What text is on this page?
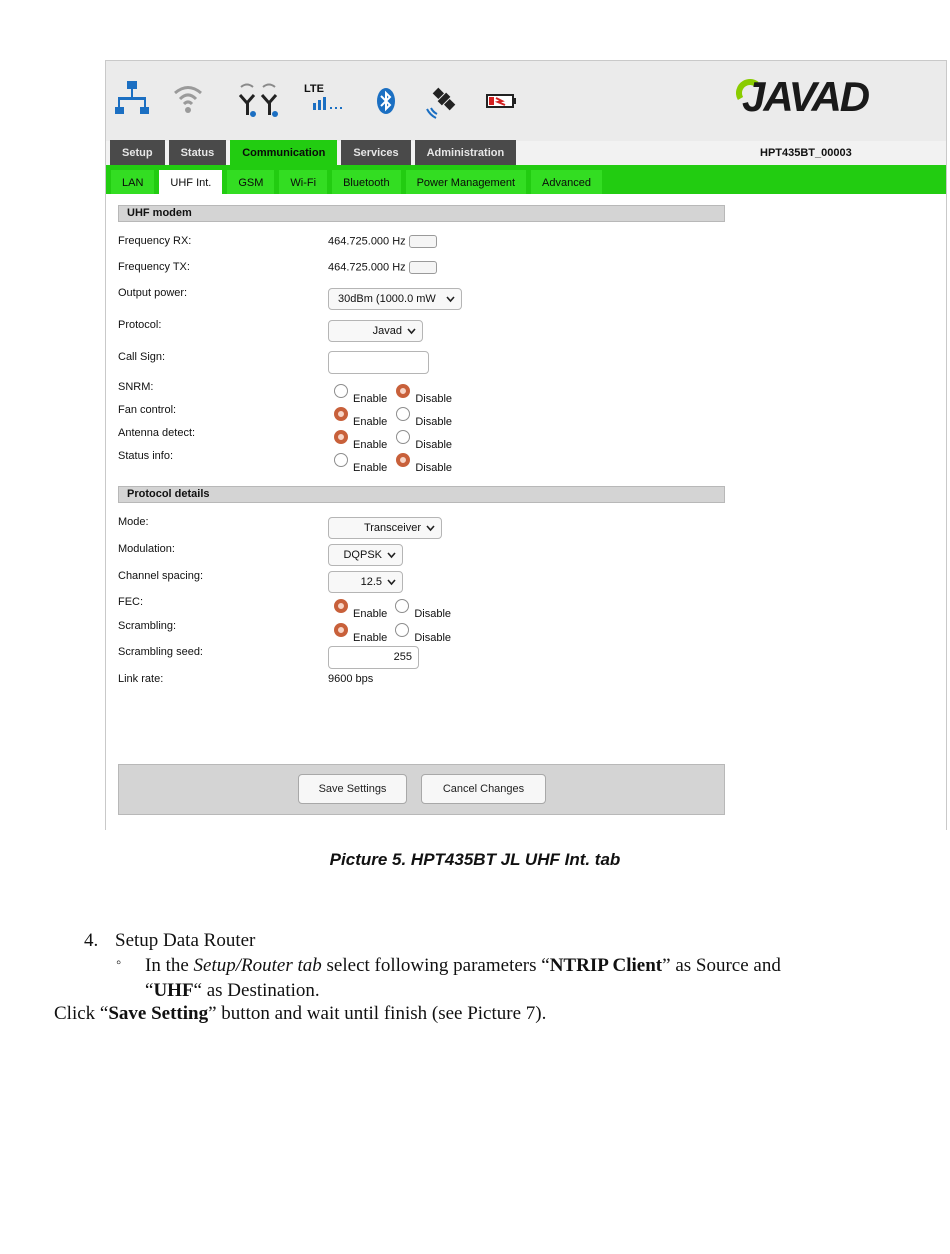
LTE	JAVAD
Setup	Status	Communication	Services	Administration	HPT435BT_00003
LAN	UHF Int.	GSM	Wi-Fi	Bluetooth	Power Management	Advanced
UHF modem
Frequency RX:	464.725.000 Hz
Frequency TX:	464.725.000 Hz
Output power:	30dBm (1000.0 mW
Protocol:	Javad
Call Sign:
SNRM:
Enable	Disable
Fan control:
Enable	Disable
Antenna detect:
Enable	Disable
Status info:
Enable	Disable
Protocol details
Mode:	Transceiver
Modulation:	DQPSK
Channel spacing:	12.5
FEC:
Enable Disable
Scrambling:
Enable Disable
Scrambling seed:	255
Link rate:	9600 bps
Save Settings	Cancel Changes
Picture 5. HPT435BT JL UHF Int. tab
4. Setup Data Router
◦ In the Setup/Router tab select following parameters “NTRIP Client” as Source and
“UHF“ as Destination.
Click “Save Setting” button and wait until finish (see Picture 7).
